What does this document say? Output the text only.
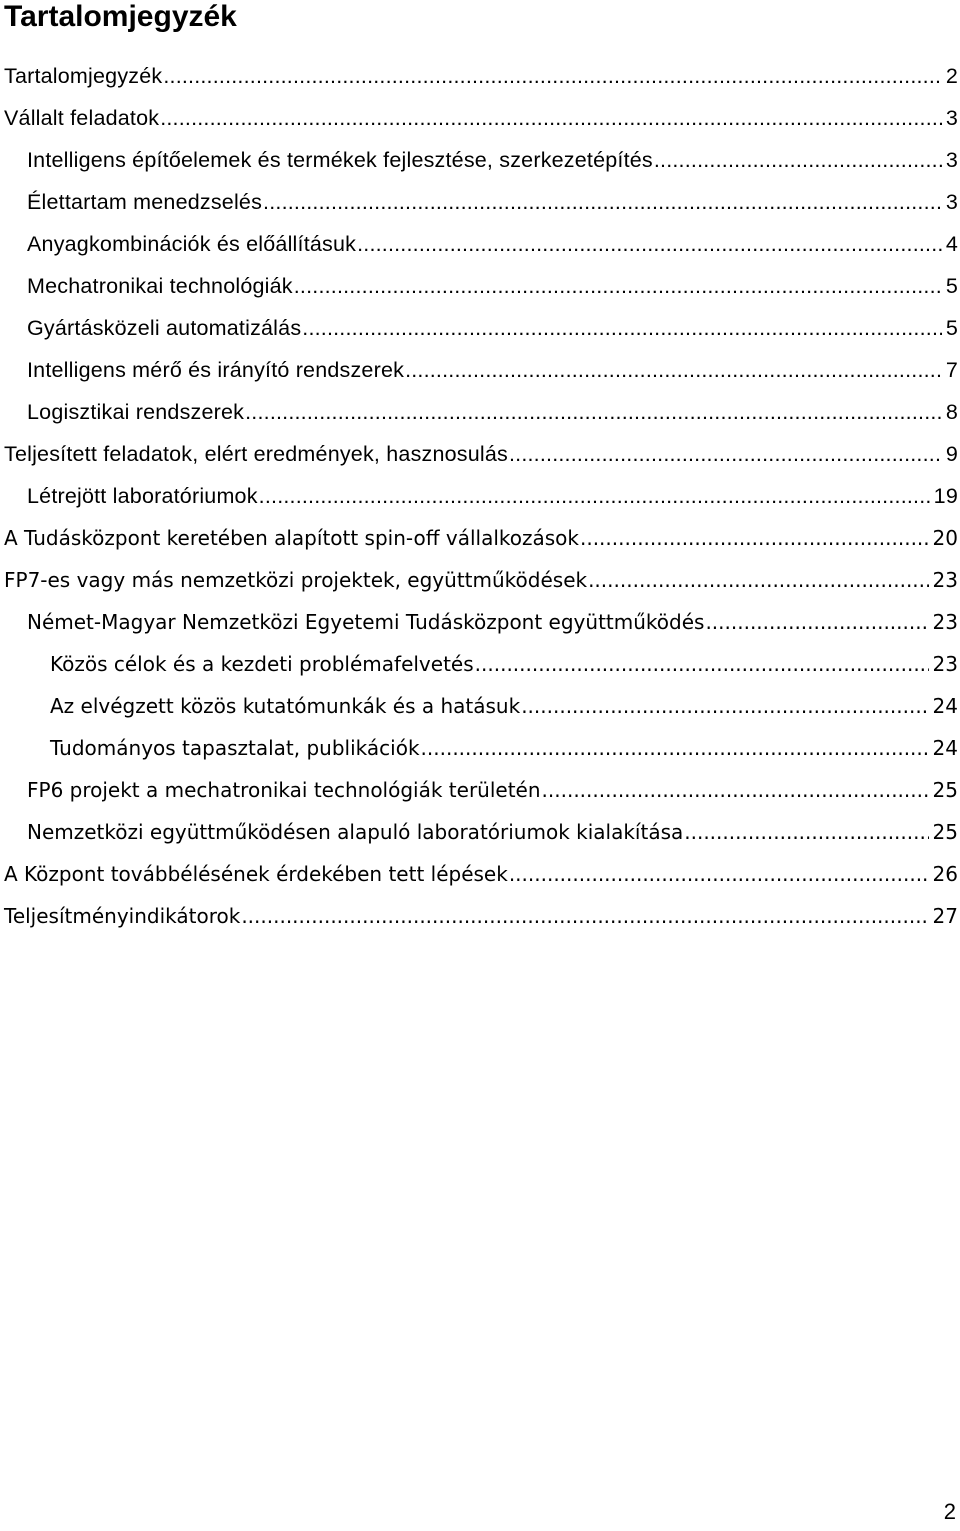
Tartalomjegyzék
Tartalomjegyzék .....	2
Vállalt feladatok .....	3
Intelligens építőelemek és termékek fejlesztése, szerkezetépítés .....	3
Élettartam menedzselés .....	3
Anyagkombinációk és előállításuk .....	4
Mechatronikai technológiák .....	5
Gyártásközeli automatizálás .....	5
Intelligens mérő és irányító rendszerek .....	7
Logisztikai rendszerek .....	8
Teljesített feladatok, elért eredmények, hasznosulás .....	9
Létrejött laboratóriumok .....	19
A Tudásközpont keretében alapított spin-off vállalkozások .....	20
FP7-es vagy más nemzetközi projektek, együttműködések .....	23
Német-Magyar Nemzetközi Egyetemi Tudásközpont együttműködés .....	23
Közös célok és a kezdeti problémafelvetés .....	23
Az elvégzett közös kutatómunkák és a hatásuk .....	24
Tudományos tapasztalat, publikációk .....	24
FP6 projekt a mechatronikai technológiák területén .....	25
Nemzetközi együttműködésen alapuló laboratóriumok kialakítása .....	25
A Központ továbbélésének érdekében tett lépések .....	26
Teljesítményindikátorok .....	27
2
